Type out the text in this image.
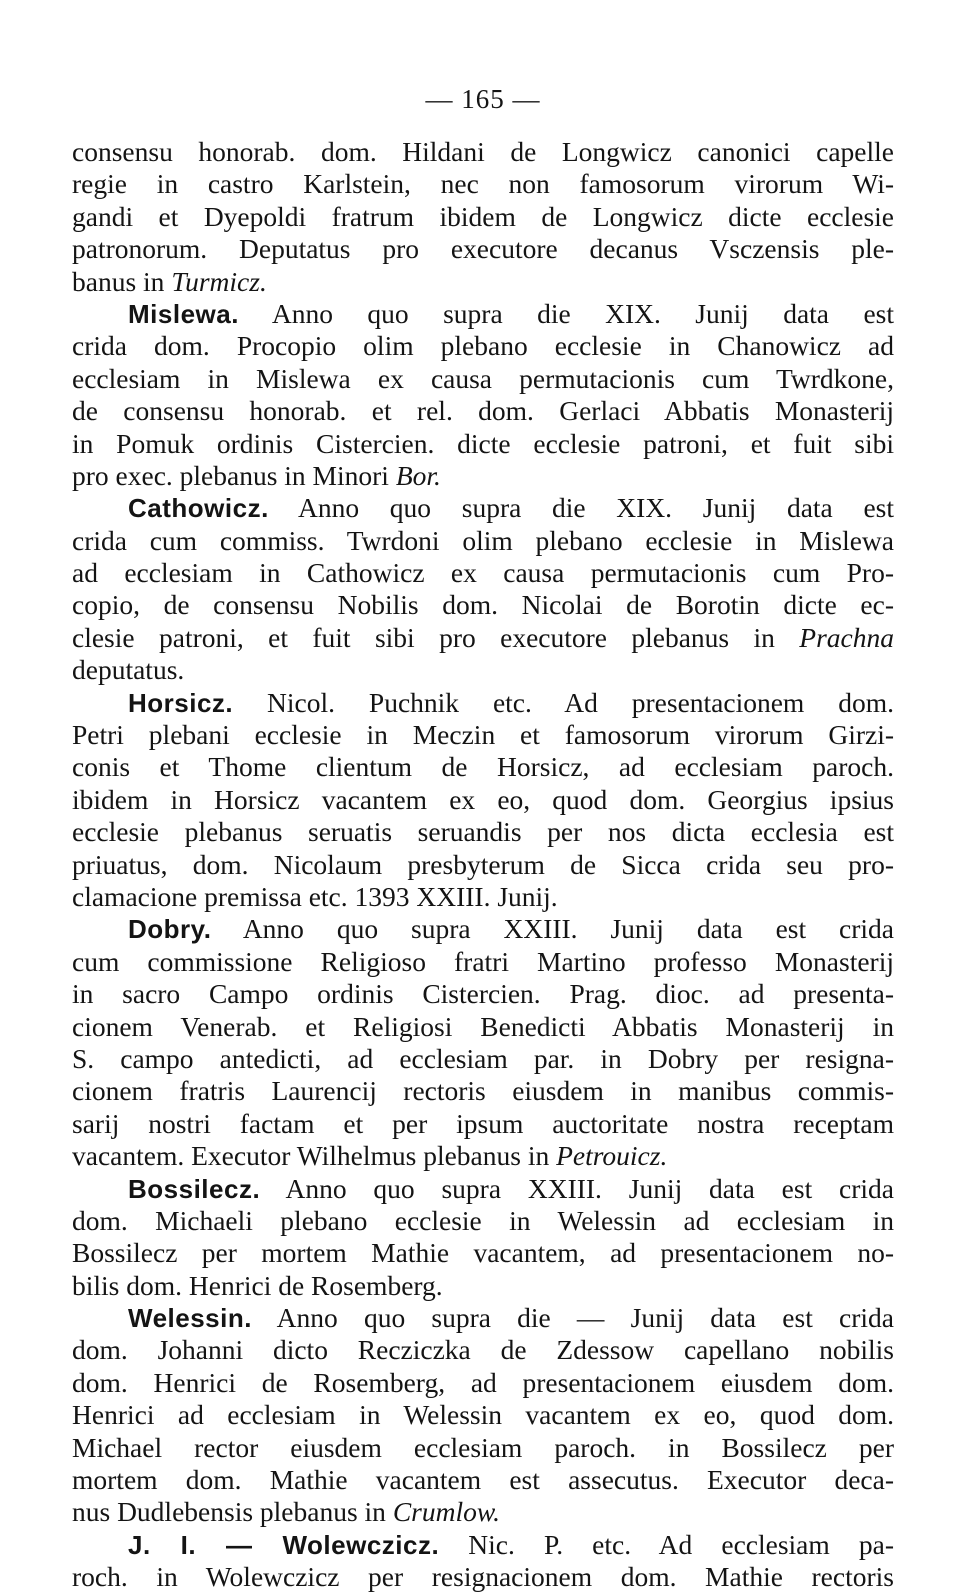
— 165 —
consensu honorab. dom. Hildani de Longwicz canonici capelle
regie in castro Karlstein, nec non famosorum virorum Wi-
gandi et Dyepoldi fratrum ibidem de Longwicz dicte ecclesie
patronorum. Deputatus pro executore decanus Vsczensis ple-
banus in Turmicz.
Mislewa. Anno quo supra die XIX. Junij data est
crida dom. Procopio olim plebano ecclesie in Chanowicz ad
ecclesiam in Mislewa ex causa permutacionis cum Twrdkone,
de consensu honorab. et rel. dom. Gerlaci Abbatis Monasterij
in Pomuk ordinis Cistercien. dicte ecclesie patroni, et fuit sibi
pro exec. plebanus in Minori Bor.
Cathowicz. Anno quo supra die XIX. Junij data est
crida cum commiss. Twrdoni olim plebano ecclesie in Mislewa
ad ecclesiam in Cathowicz ex causa permutacionis cum Pro-
copio, de consensu Nobilis dom. Nicolai de Borotin dicte ec-
clesie patroni, et fuit sibi pro executore plebanus in Prachna
deputatus.
Horsicz. Nicol. Puchnik etc. Ad presentacionem dom.
Petri plebani ecclesie in Meczin et famosorum virorum Girzi-
conis et Thome clientum de Horsicz, ad ecclesiam paroch.
ibidem in Horsicz vacantem ex eo, quod dom. Georgius ipsius
ecclesie plebanus seruatis seruandis per nos dicta ecclesia est
priuatus, dom. Nicolaum presbyterum de Sicca crida seu pro-
clamacione premissa etc. 1393 XXIII. Junij.
Dobry. Anno quo supra XXIII. Junij data est crida
cum commissione Religioso fratri Martino professo Monasterij
in sacro Campo ordinis Cistercien. Prag. dioc. ad presenta-
cionem Venerab. et Religiosi Benedicti Abbatis Monasterij in
S. campo antedicti, ad ecclesiam par. in Dobry per resigna-
cionem fratris Laurencij rectoris eiusdem in manibus commis-
sarij nostri factam et per ipsum auctoritate nostra receptam
vacantem. Executor Wilhelmus plebanus in Petrouicz.
Bossilecz. Anno quo supra XXIII. Junij data est crida
dom. Michaeli plebano ecclesie in Welessin ad ecclesiam in
Bossilecz per mortem Mathie vacantem, ad presentacionem no-
bilis dom. Henrici de Rosemberg.
Welessin. Anno quo supra die — Junij data est crida
dom. Johanni dicto Recziczka de Zdessow capellano nobilis
dom. Henrici de Rosemberg, ad presentacionem eiusdem dom.
Henrici ad ecclesiam in Welessin vacantem ex eo, quod dom.
Michael rector eiusdem ecclesiam paroch. in Bossilecz per
mortem dom. Mathie vacantem est assecutus. Executor deca-
nus Dudlebensis plebanus in Crumlow.
J. I. — Wolewczicz. Nic. P. etc. Ad ecclesiam pa-
roch. in Wolewczicz per resignacionem dom. Mathie rectoris
